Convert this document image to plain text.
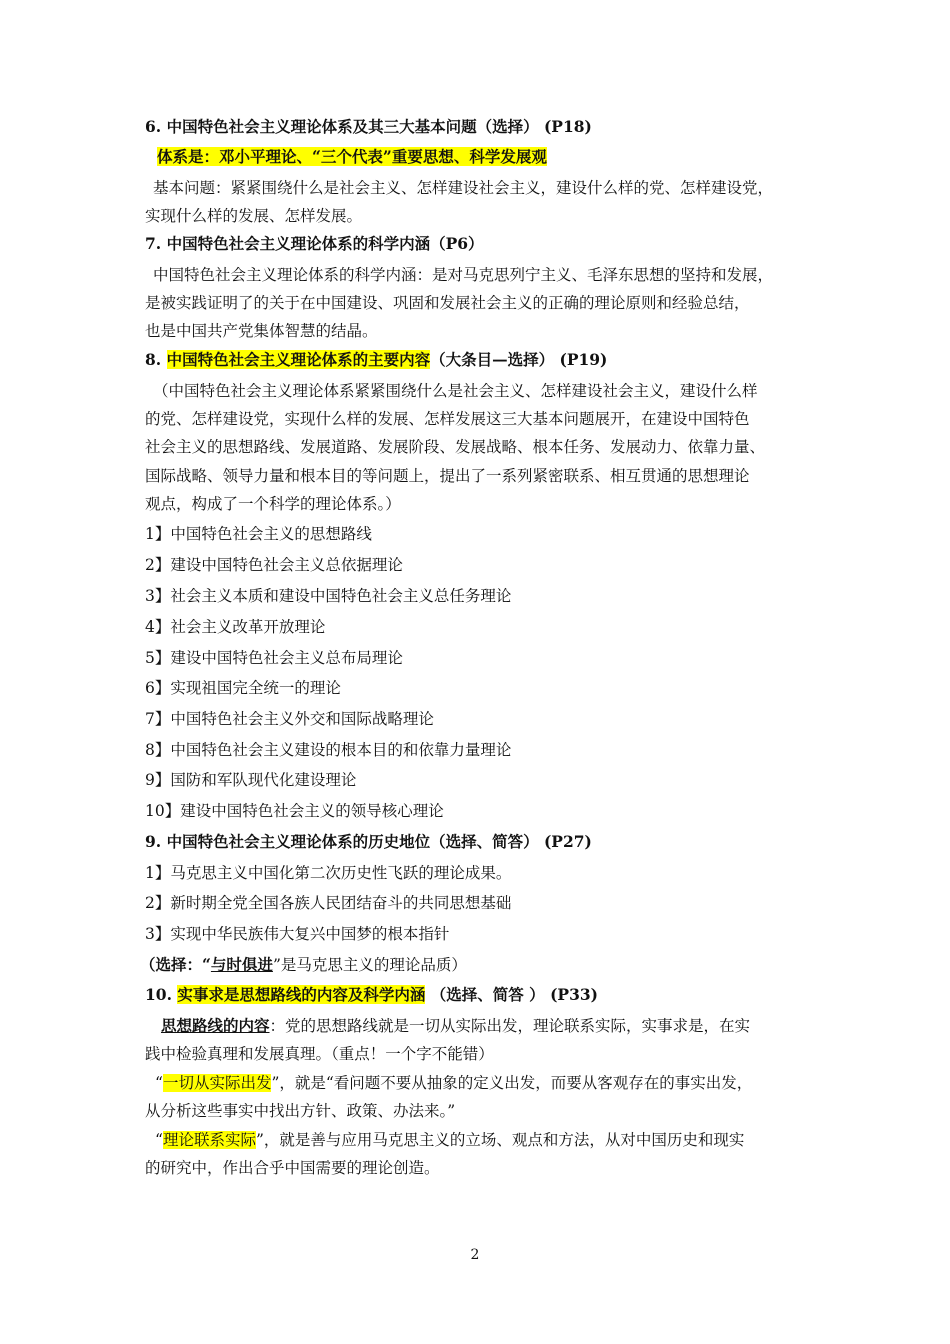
6. 中国特色社会主义理论体系及其三大基本问题（选择） (P18)
体系是：邓小平理论、“三个代表”重要思想、科学发展观
基本问题：紧紧围绕什么是社会主义、怎样建设社会主义，建设什么样的党、怎样建设党，
实现什么样的发展、怎样发展。
7. 中国特色社会主义理论体系的科学内涵（P6）
中国特色社会主义理论体系的科学内涵：是对马克思列宁主义、毛泽东思想的坚持和发展，
是被实践证明了的关于在中国建设、巩固和发展社会主义的正确的理论原则和经验总结，
也是中国共产党集体智慧的结晶。
8. 中国特色社会主义理论体系的主要内容（大条目—选择） (P19)
（中国特色社会主义理论体系紧紧围绕什么是社会主义、怎样建设社会主义，建设什么样
的党、怎样建设党，实现什么样的发展、怎样发展这三大基本问题展开，在建设中国特色
社会主义的思想路线、发展道路、发展阶段、发展战略、根本任务、发展动力、依靠力量、
国际战略、领导力量和根本目的等问题上，提出了一系列紧密联系、相互贯通的思想理论
观点，构成了一个科学的理论体系。）
1】中国特色社会主义的思想路线
2】建设中国特色社会主义总依据理论
3】社会主义本质和建设中国特色社会主义总任务理论
4】社会主义改革开放理论
5】建设中国特色社会主义总布局理论
6】实现祖国完全统一的理论
7】中国特色社会主义外交和国际战略理论
8】中国特色社会主义建设的根本目的和依靠力量理论
9】国防和军队现代化建设理论
10】建设中国特色社会主义的领导核心理论
9. 中国特色社会主义理论体系的历史地位（选择、简答） (P27)
1】马克思主义中国化第二次历史性飞跃的理论成果。
2】新时期全党全国各族人民团结奋斗的共同思想基础
3】实现中华民族伟大复兴中国梦的根本指针
（选择：“与时俱进”是马克思主义的理论品质）
10. 实事求是思想路线的内容及科学内涵 （选择、简答 ） (P33)
思想路线的内容：党的思想路线就是一切从实际出发，理论联系实际，实事求是，在实
践中检验真理和发展真理。（重点！一个字不能错）
“一切从实际出发”，就是“看问题不要从抽象的定义出发，而要从客观存在的事实出发，
从分析这些事实中找出方针、政策、办法来。”
“理论联系实际”，就是善与应用马克思主义的立场、观点和方法，从对中国历史和现实
的研究中，作出合乎中国需要的理论创造。
2
